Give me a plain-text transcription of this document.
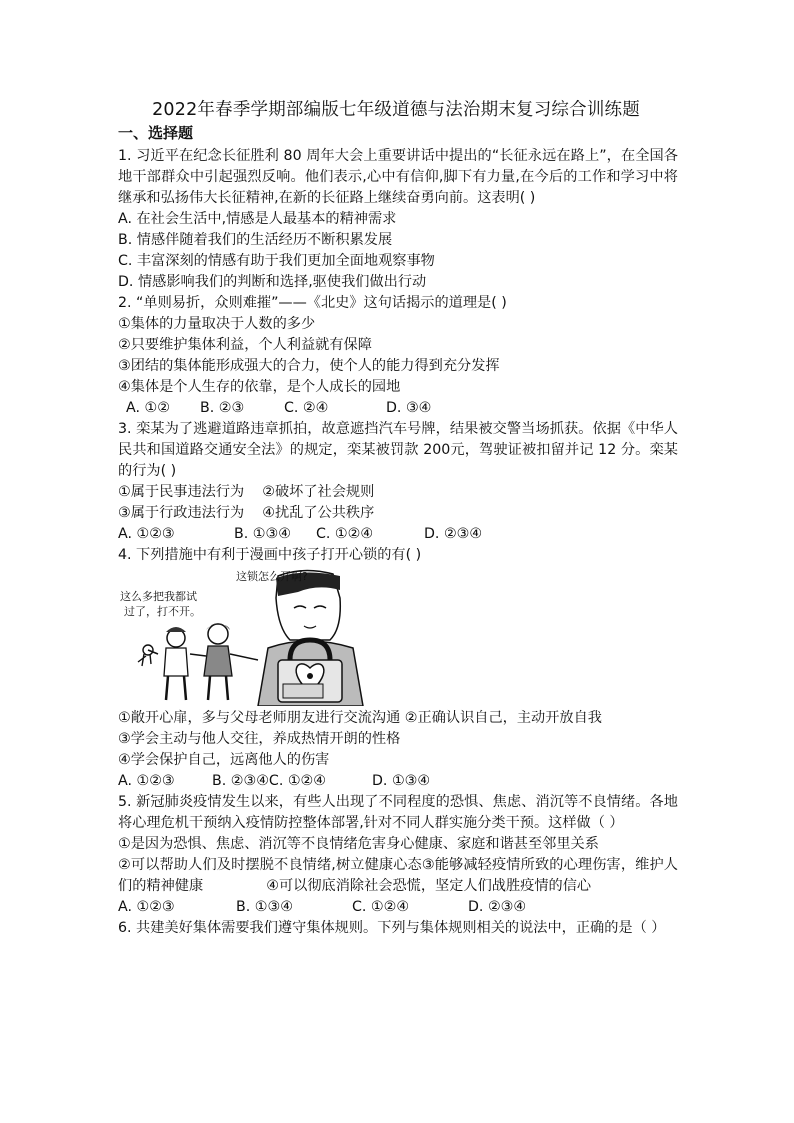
2022年春季学期部编版七年级道德与法治期末复习综合训练题

一、选择题

1. 习近平在纪念长征胜利 80 周年大会上重要讲话中提出的“长征永远在路上”，在全国各地干部群众中引起强烈反响。他们表示,心中有信仰,脚下有力量,在今后的工作和学习中将继承和弘扬伟大长征精神,在新的长征路上继续奋勇向前。这表明( )

A. 在社会生活中,情感是人最基本的精神需求

B. 情感伴随着我们的生活经历不断积累发展

C. 丰富深刻的情感有助于我们更加全面地观察事物

D. 情感影响我们的判断和选择,驱使我们做出行动

2. “单则易折，众则难摧”——《北史》这句话揭示的道理是( )

①集体的力量取决于人数的多少

②只要维护集体利益，个人利益就有保障

③团结的集体能形成强大的合力，使个人的能力得到充分发挥

④集体是个人生存的依靠，是个人成长的园地

A. ①② B. ②③	C. ②④	D. ③④

3. 栾某为了逃避道路违章抓拍，故意遮挡汽车号牌，结果被交警当场抓获。依据《中华人民共和国道路交通安全法》的规定，栾某被罚款 200元，驾驶证被扣留并记 12 分。栾某的行为( )

①属于民事违法行为    ②破坏了社会规则

③属于行政违法行为    ④扰乱了公共秩序

A. ①②③	B. ①③④ C. ①②④	D. ②③④

4. 下列措施中有利于漫画中孩子打开心锁的有( )

这锁怎么开啊?
这么多把我都试
过了，打不开。

①敞开心扉，多与父母老师朋友进行交流沟通 ②正确认识自己，主动开放自我

③学会主动与他人交往，养成热情开朗的性格

④学会保护自己，远离他人的伤害

A. ①②③	B. ②③④C. ①②④	D. ①③④

5. 新冠肺炎疫情发生以来，有些人出现了不同程度的恐惧、焦虑、消沉等不良情绪。各地将心理危机干预纳入疫情防控整体部署,针对不同人群实施分类干预。这样做（ ）

①是因为恐惧、焦虑、消沉等不良情绪危害身心健康、家庭和谐甚至邻里关系

②可以帮助人们及时摆脱不良情绪,树立健康心态③能够减轻疫情所致的心理伤害，维护人们的精神健康              ④可以彻底消除社会恐慌，坚定人们战胜疫情的信心

A. ①②③	B. ①③④	C. ①②④	D. ②③④

6. 共建美好集体需要我们遵守集体规则。下列与集体规则相关的说法中，正确的是（ ）
